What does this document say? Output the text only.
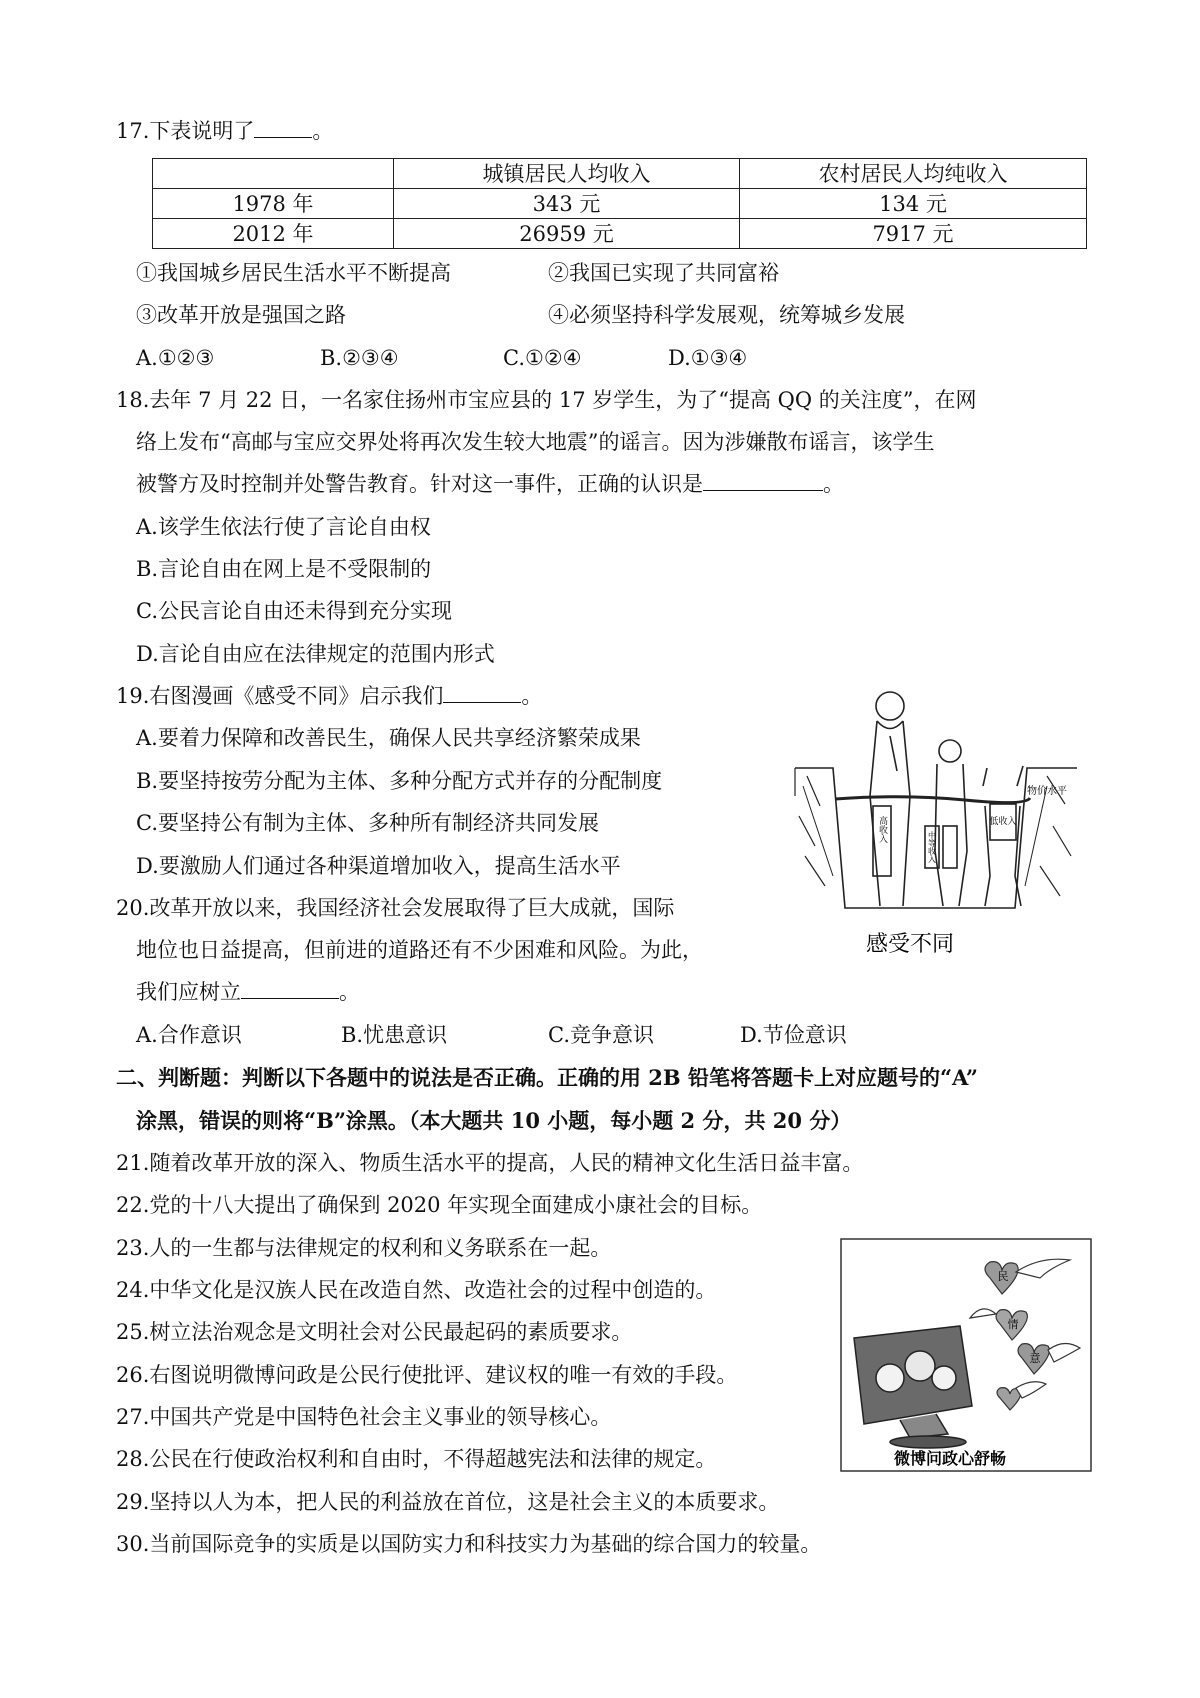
17.下表说明了	。
	城镇居民人均收入	农村居民人均纯收入
1978 年	343 元	134 元
2012 年	26959 元	7917 元
①我国城乡居民生活水平不断提高	②我国已实现了共同富裕
③改革开放是强国之路	④必须坚持科学发展观，统筹城乡发展
A.①②③	B.②③④	C.①②④	D.①③④
18.去年 7 月 22 日，一名家住扬州市宝应县的 17 岁学生，为了“提高 QQ 的关注度”，在网
络上发布“高邮与宝应交界处将再次发生较大地震”的谣言。因为涉嫌散布谣言，该学生
被警方及时控制并处警告教育。针对这一事件，正确的认识是	。
A.该学生依法行使了言论自由权
B.言论自由在网上是不受限制的
C.公民言论自由还未得到充分实现
D.言论自由应在法律规定的范围内形式
19.右图漫画《感受不同》启示我们	。
A.要着力保障和改善民生，确保人民共享经济繁荣成果
B.要坚持按劳分配为主体、多种分配方式并存的分配制度
C.要坚持公有制为主体、多种所有制经济共同发展
D.要激励人们通过各种渠道增加收入，提高生活水平
物价水平
高收入
中等收入
低收入
感受不同
20.改革开放以来，我国经济社会发展取得了巨大成就，国际
地位也日益提高，但前进的道路还有不少困难和风险。为此，
我们应树立	。
A.合作意识	B.忧患意识	C.竞争意识	D.节俭意识
二、判断题：判断以下各题中的说法是否正确。正确的用 2B 铅笔将答题卡上对应题号的“A”
涂黑，错误的则将“B”涂黑。（本大题共 10 小题，每小题 2 分，共 20 分）
21.随着改革开放的深入、物质生活水平的提高，人民的精神文化生活日益丰富。
22.党的十八大提出了确保到 2020 年实现全面建成小康社会的目标。
23.人的一生都与法律规定的权利和义务联系在一起。
24.中华文化是汉族人民在改造自然、改造社会的过程中创造的。
25.树立法治观念是文明社会对公民最起码的素质要求。
26.右图说明微博问政是公民行使批评、建议权的唯一有效的手段。
27.中国共产党是中国特色社会主义事业的领导核心。
28.公民在行使政治权利和自由时，不得超越宪法和法律的规定。
29.坚持以人为本，把人民的利益放在首位，这是社会主义的本质要求。
30.当前国际竞争的实质是以国防实力和科技实力为基础的综合国力的较量。
民
情
意
微博问政心舒畅
